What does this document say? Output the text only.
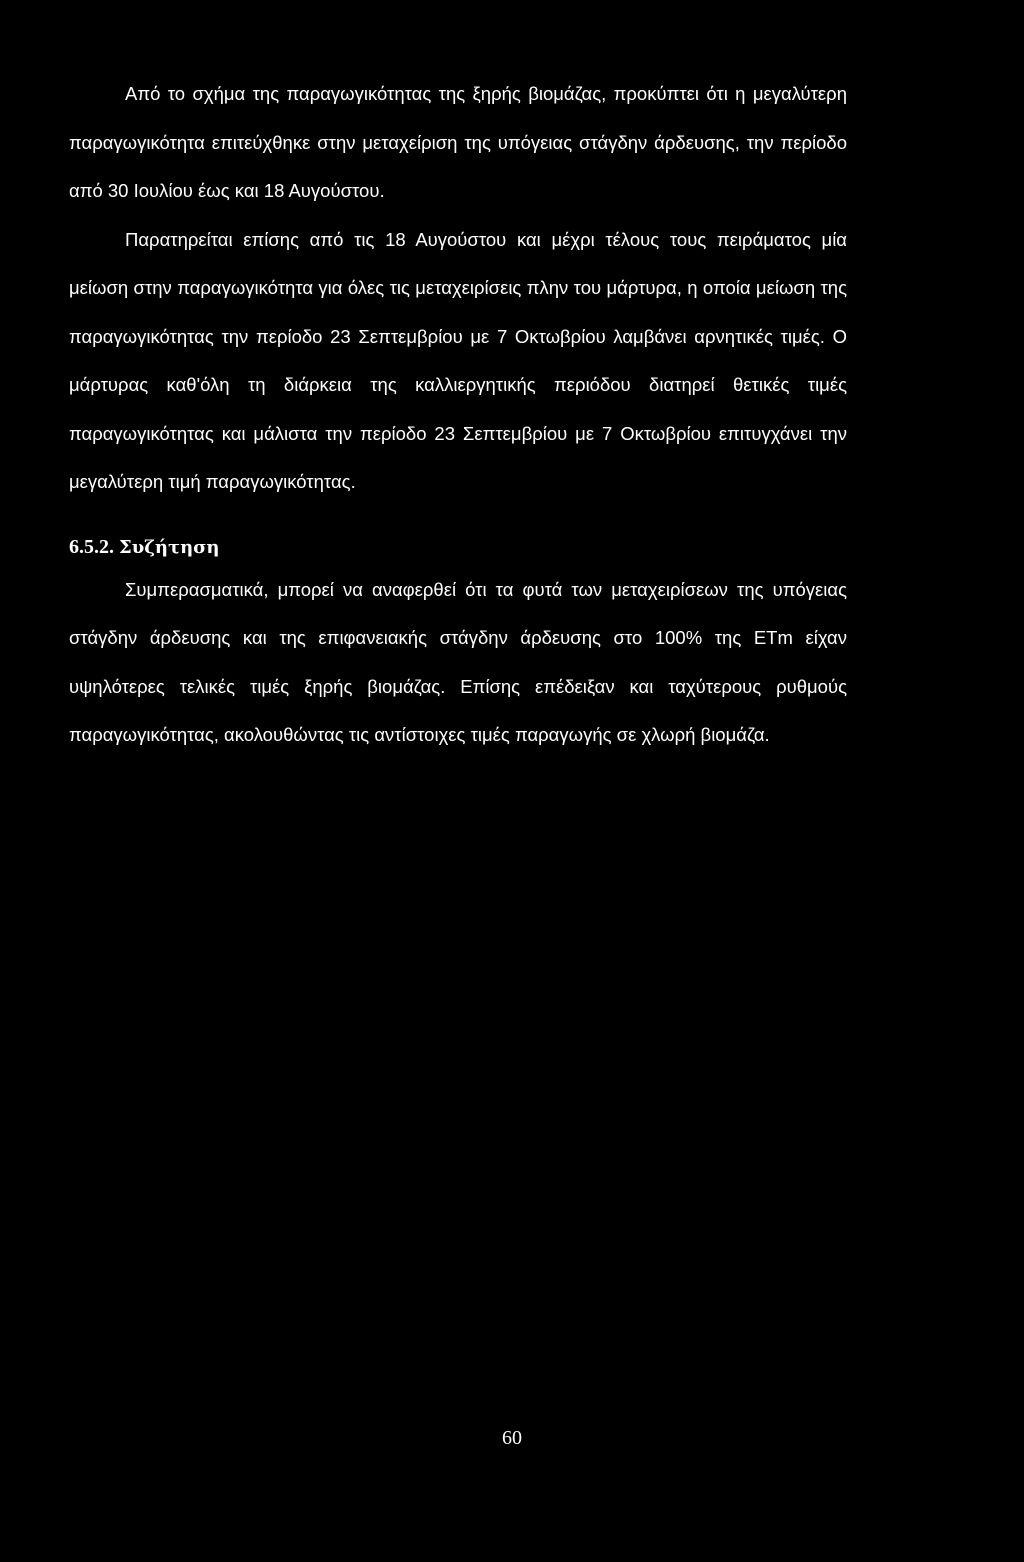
Από το σχήμα της παραγωγικότητας της ξηρής βιομάζας, προκύπτει ότι η μεγαλύτερη παραγωγικότητα επιτεύχθηκε στην μεταχείριση της υπόγειας στάγδην άρδευσης, την περίοδο από 30 Ιουλίου έως και 18 Αυγούστου.

Παρατηρείται επίσης από τις 18 Αυγούστου και μέχρι τέλους τους πειράματος μία μείωση στην παραγωγικότητα για όλες τις μεταχειρίσεις πλην του μάρτυρα, η οποία μείωση της παραγωγικότητας την περίοδο 23 Σεπτεμβρίου με 7 Οκτωβρίου λαμβάνει αρνητικές τιμές. Ο μάρτυρας καθ'όλη τη διάρκεια της καλλιεργητικής περιόδου διατηρεί θετικές τιμές παραγωγικότητας και μάλιστα την περίοδο 23 Σεπτεμβρίου με 7 Οκτωβρίου επιτυγχάνει την μεγαλύτερη τιμή παραγωγικότητας.

6.5.2. Συζήτηση

Συμπερασματικά, μπορεί να αναφερθεί ότι τα φυτά των μεταχειρίσεων της υπόγειας στάγδην άρδευσης και της επιφανειακής στάγδην άρδευσης στο 100% της ETm είχαν υψηλότερες τελικές τιμές ξηρής βιομάζας. Επίσης επέδειξαν και ταχύτερους ρυθμούς παραγωγικότητας, ακολουθώντας τις αντίστοιχες τιμές παραγωγής σε χλωρή βιομάζα.

60
